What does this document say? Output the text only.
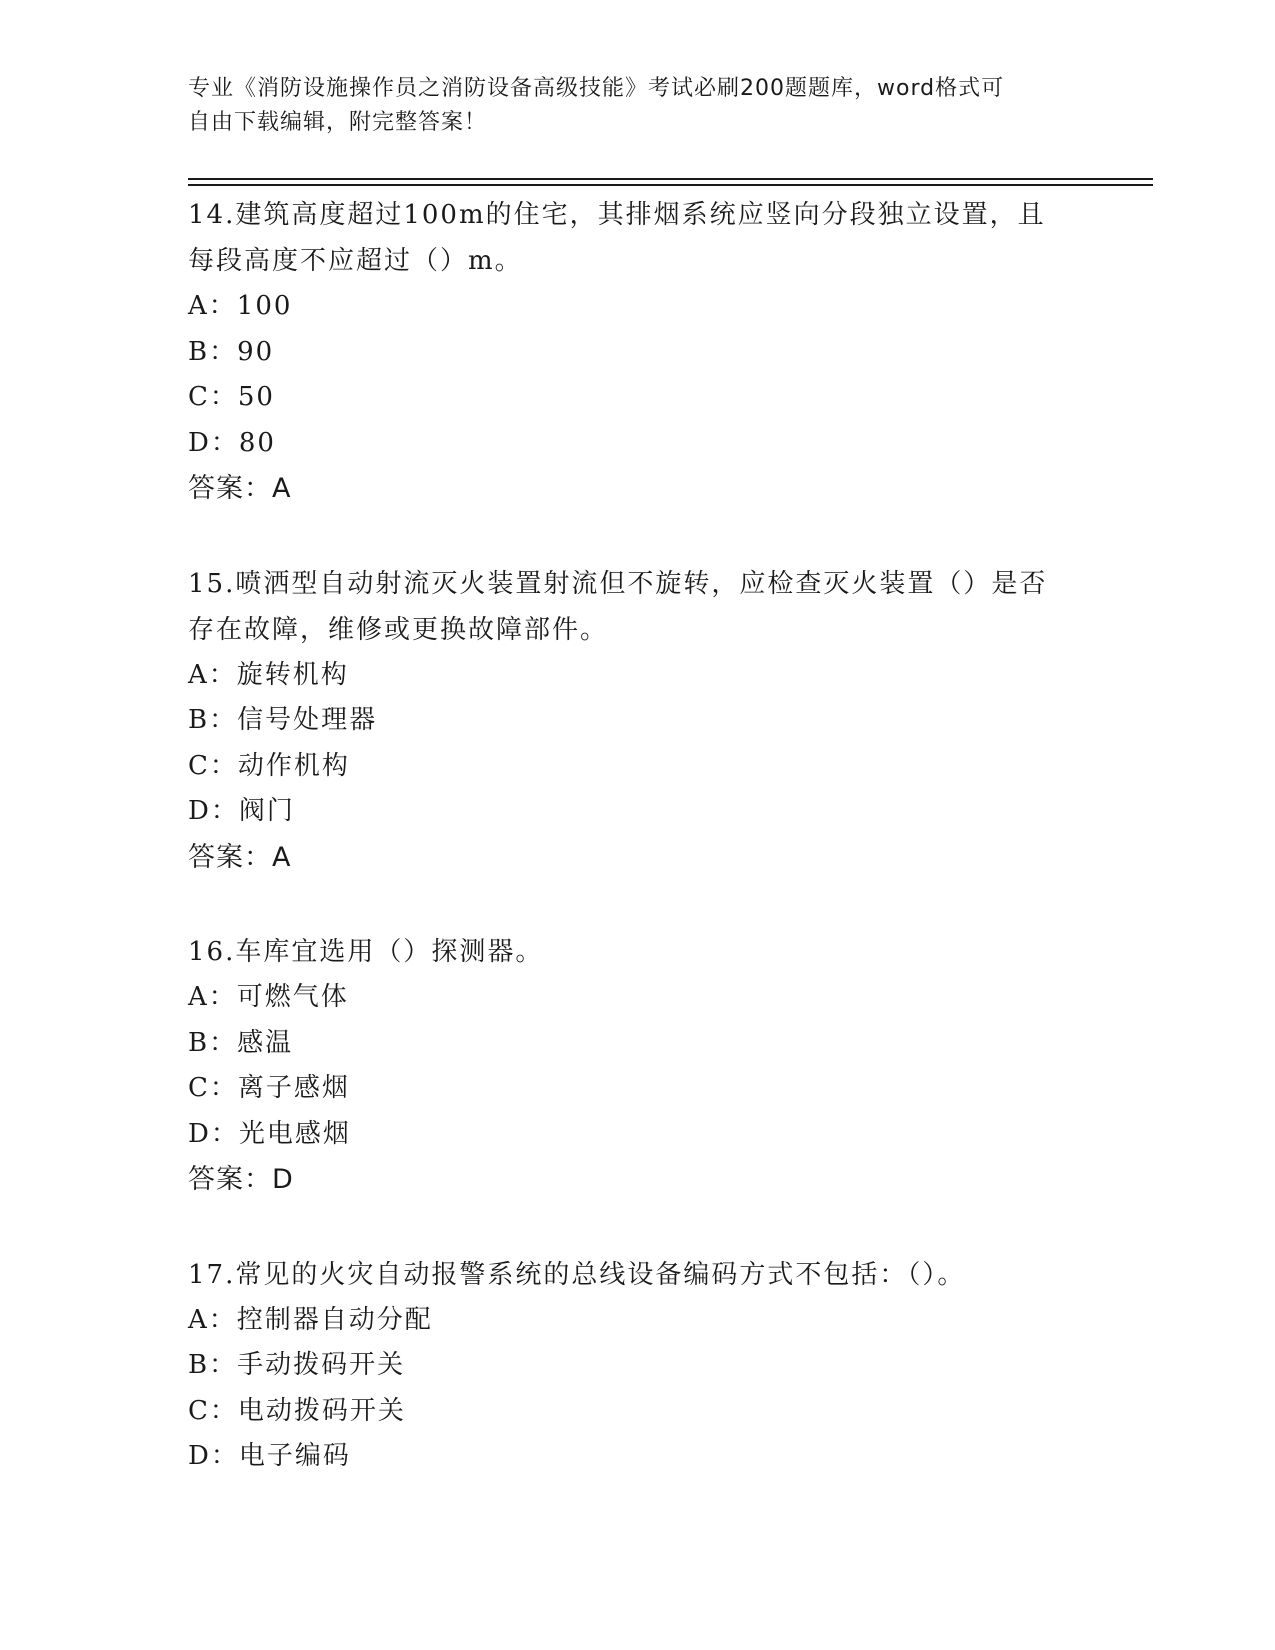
专业《消防设施操作员之消防设备高级技能》考试必刷200题题库，word格式可
自由下载编辑，附完整答案！
14.建筑高度超过100m的住宅，其排烟系统应竖向分段独立设置，且
每段高度不应超过（）m。
A：100
B：90
C：50
D：80
答案：A
15.喷洒型自动射流灭火装置射流但不旋转，应检查灭火装置（）是否
存在故障，维修或更换故障部件。
A：旋转机构
B：信号处理器
C：动作机构
D：阀门
答案：A
16.车库宜选用（）探测器。
A：可燃气体
B：感温
C：离子感烟
D：光电感烟
答案：D
17.常见的火灾自动报警系统的总线设备编码方式不包括：（）。
A：控制器自动分配
B：手动拨码开关
C：电动拨码开关
D：电子编码
